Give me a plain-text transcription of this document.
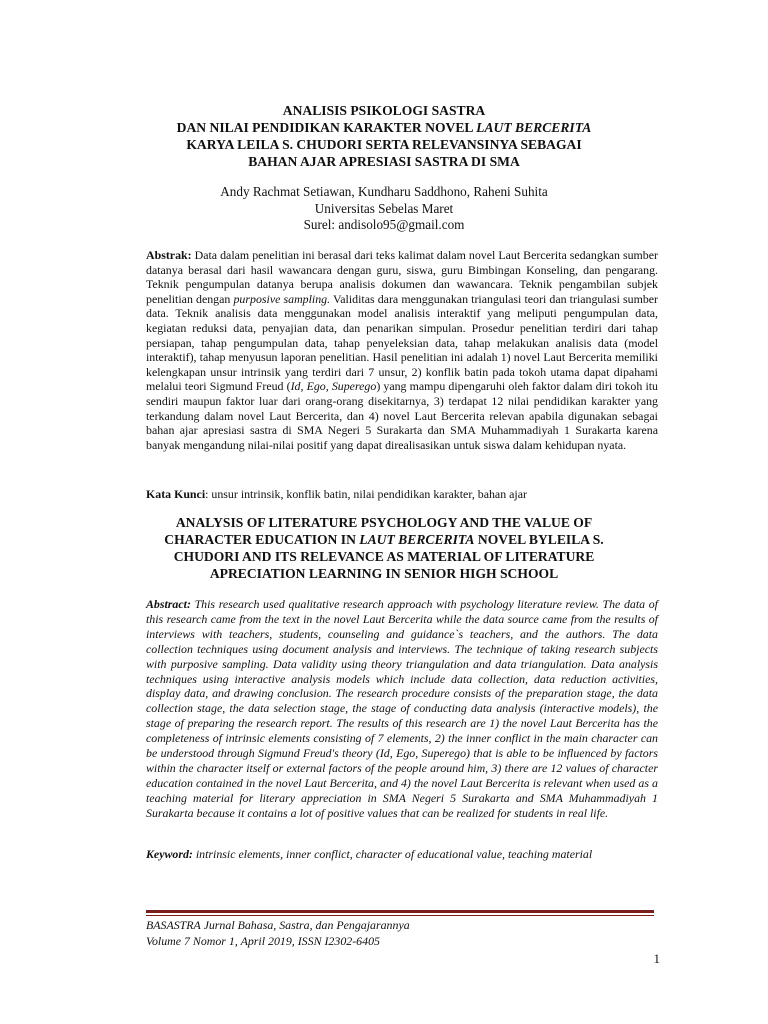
ANALISIS PSIKOLOGI SASTRA

DAN NILAI PENDIDIKAN KARAKTER NOVEL LAUT BERCERITA

KARYA LEILA S. CHUDORI SERTA RELEVANSINYA SEBAGAI

BAHAN AJAR APRESIASI SASTRA DI SMA

Andy Rachmat Setiawan, Kundharu Saddhono, Raheni Suhita

Universitas Sebelas Maret

Surel: andisolo95@gmail.com

Abstrak: Data dalam penelitian ini berasal dari teks kalimat dalam novel Laut Bercerita sedangkan sumber datanya berasal dari hasil wawancara dengan guru, siswa, guru Bimbingan Konseling, dan pengarang. Teknik pengumpulan datanya berupa analisis dokumen dan wawancara. Teknik pengambilan subjek penelitian dengan purposive sampling. Validitas dara menggunakan triangulasi teori dan triangulasi sumber data. Teknik analisis data menggunakan model analisis interaktif yang meliputi pengumpulan data, kegiatan reduksi data, penyajian data, dan penarikan simpulan. Prosedur penelitian terdiri dari tahap persiapan, tahap pengumpulan data, tahap penyeleksian data, tahap melakukan analisis data (model interaktif), tahap menyusun laporan penelitian. Hasil penelitian ini adalah 1) novel Laut Bercerita memiliki kelengkapan unsur intrinsik yang terdiri dari 7 unsur, 2) konflik batin pada tokoh utama dapat dipahami melalui teori Sigmund Freud (Id, Ego, Superego) yang mampu dipengaruhi oleh faktor dalam diri tokoh itu sendiri maupun faktor luar dari orang-orang disekitarnya, 3) terdapat 12 nilai pendidikan karakter yang terkandung dalam novel Laut Bercerita, dan 4) novel Laut Bercerita relevan apabila digunakan sebagai bahan ajar apresiasi sastra di SMA Negeri 5 Surakarta dan SMA Muhammadiyah 1 Surakarta karena banyak mengandung nilai-nilai positif yang dapat direalisasikan untuk siswa dalam kehidupan nyata.
Kata Kunci: unsur intrinsik, konflik batin, nilai pendidikan karakter, bahan ajar

ANALYSIS OF LITERATURE PSYCHOLOGY AND THE VALUE OF

CHARACTER EDUCATION IN LAUT BERCERITA NOVEL BYLEILA S.

CHUDORI AND ITS RELEVANCE AS MATERIAL OF LITERATURE

APRECIATION LEARNING IN SENIOR HIGH SCHOOL

Abstract: This research used qualitative research approach with psychology literature review. The data of this research came from the text in the novel Laut Bercerita while the data source came from the results of interviews with teachers, students, counseling and guidance`s teachers, and the authors. The data collection techniques using document analysis and interviews. The technique of taking research subjects with purposive sampling. Data validity using theory triangulation and data triangulation. Data analysis techniques using interactive analysis models which include data collection, data reduction activities, display data, and drawing conclusion. The research procedure consists of the preparation stage, the data collection stage, the data selection stage, the stage of conducting data analysis (interactive models), the stage of preparing the research report. The results of this research are 1) the novel Laut Bercerita has the completeness of intrinsic elements consisting of 7 elements, 2) the inner conflict in the main character can be understood through Sigmund Freud's theory (Id, Ego, Superego) that is able to be influenced by factors within the character itself or external factors of the people around him, 3) there are 12 values of character education contained in the novel Laut Bercerita, and 4) the novel Laut Bercerita is relevant when used as a teaching material for literary appreciation in SMA Negeri 5 Surakarta and SMA Muhammadiyah 1 Surakarta because it contains a lot of positive values that can be realized for students in real life.
Keyword: intrinsic elements, inner conflict, character of educational value, teaching material

BASASTRA Jurnal Bahasa, Sastra, dan Pengajarannya

Volume 7 Nomor 1, April 2019, ISSN I2302-6405

1
